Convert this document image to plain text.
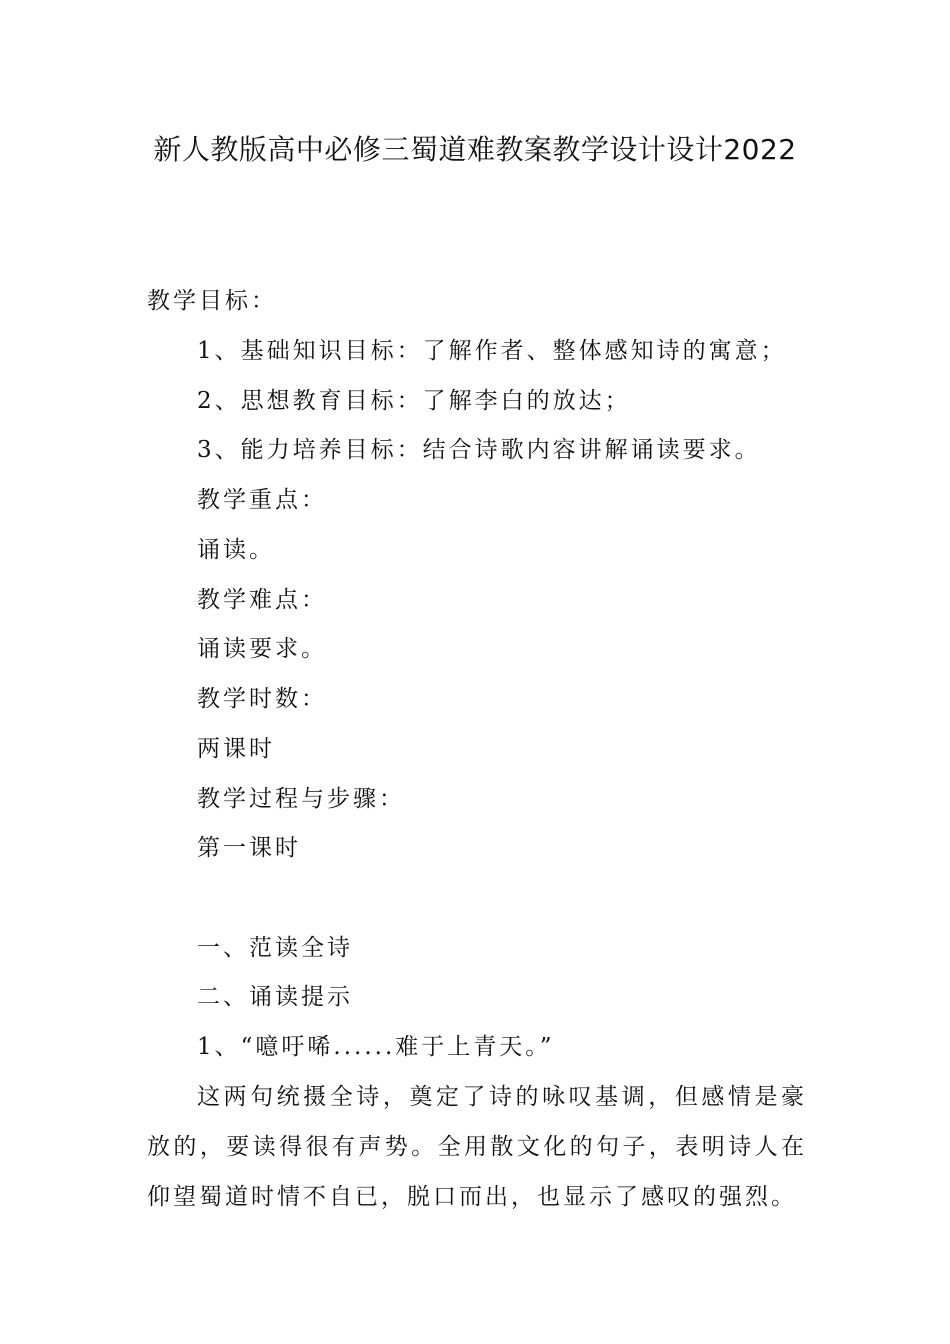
新人教版高中必修三蜀道难教案教学设计设计2022
教学目标：
1、基础知识目标：了解作者、整体感知诗的寓意；
2、思想教育目标：了解李白的放达；
3、能力培养目标：结合诗歌内容讲解诵读要求。
教学重点：
诵读。
教学难点：
诵读要求。
教学时数：
两课时
教学过程与步骤：
第一课时
一、范读全诗
二、诵读提示
1、“噫吁唏......难于上青天。”
这两句统摄全诗，奠定了诗的咏叹基调，但感情是豪放的，要读得很有声势。全用散文化的句子，表明诗人在仰望蜀道时情不自已，脱口而出，也显示了感叹的强烈。
